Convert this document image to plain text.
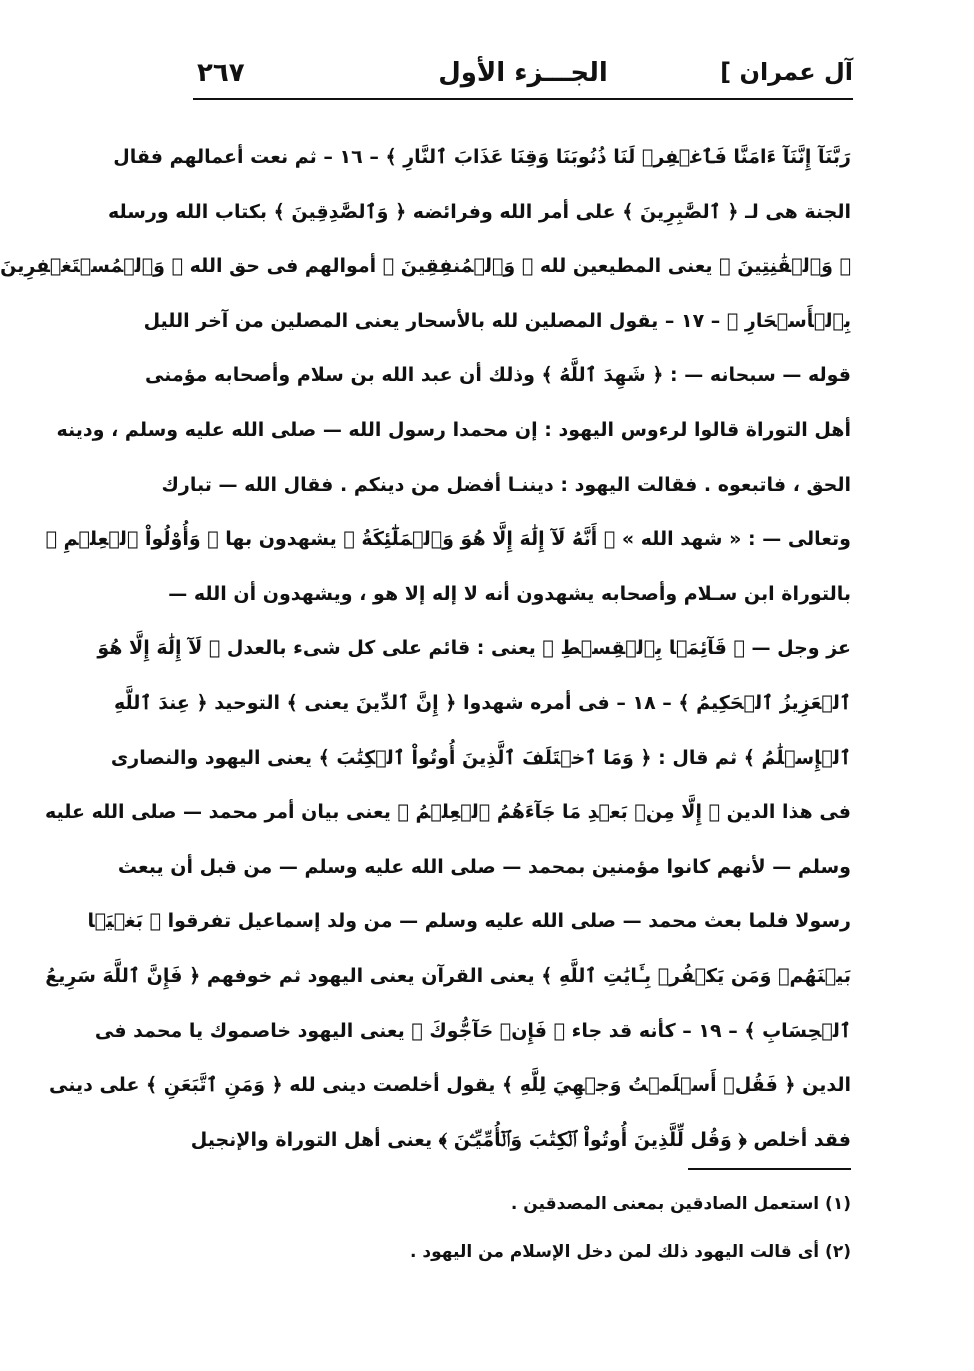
آل عمران ]
الجـــزء الأول
٢٦٧
رَبَّنَآ إِنَّنَآ ءَامَنَّا فَٱغۡفِرۡ لَنَا ذُنُوبَنَا وَقِنَا عَذَابَ ٱلنَّارِ ﴾ – ١٦ – ثم نعت أعمالهم فقال
الجنة هى لـ ﴿ ٱلصَّٰبِرِينَ ﴾ على أمر الله وفرائضه ﴿ وَٱلصَّٰدِقِينَ ﴾ بكتاب الله ورسله
﴿ وَٱلۡقَٰنِتِينَ ﴾ يعنى المطيعين لله ﴿ وَٱلۡمُنفِقِينَ ﴾ أموالهم فى حق الله ﴿ وَٱلۡمُسۡتَغۡفِرِينَ
بِٱلۡأَسۡحَارِ ﴾ – ١٧ – يقول المصلين لله بالأسحار يعنى المصلين من آخر الليل
قوله — سبحانه — : ﴿ شَهِدَ ٱللَّهُ ﴾ وذلك أن عبد الله بن سلام وأصحابه مؤمنى
أهل التوراة قالوا لرءوس اليهود : إن محمدا رسول الله — صلى الله عليه وسلم ، ودينه
الحق ، فاتبعوه . فقالت اليهود : ديننـا أفضل من دينكم . فقال الله — تبارك
وتعالى — : « شهد الله » ﴿ أَنَّهُ لَآ إِلَٰهَ إِلَّا هُوَ وَٱلۡمَلَٰٓئِكَةُ ﴾ يشهدون بها ﴿ وَأُوْلُواْ ٱلۡعِلۡمِ ﴾
بالتوراة ابن سـلام وأصحابه يشهدون أنه لا إله إلا هو ، ويشهدون أن الله —
عز وجل — ﴿ قَآئِمَۢا بِٱلۡقِسۡطِ ﴾ يعنى : قائم على كل شىء بالعدل ﴿ لَآ إِلَٰهَ إِلَّا هُوَ
ٱلۡعَزِيزُ ٱلۡحَكِيمُ ﴾ – ١٨ – فى أمره شهدوا ﴿ إِنَّ ٱلدِّينَ يعنى ﴾ التوحيد ﴿ عِندَ ٱللَّهِ
ٱلۡإِسۡلَٰمُ ﴾ ثم قال : ﴿ وَمَا ٱخۡتَلَفَ ٱلَّذِينَ أُوتُواْ ٱلۡكِتَٰبَ ﴾ يعنى اليهود والنصارى
فى هذا الدين ﴿ إِلَّا مِنۢ بَعۡدِ مَا جَآءَهُمُ ٱلۡعِلۡمُ ﴾ يعنى بيان أمر محمد — صلى الله عليه
وسلم — لأنهم كانوا مؤمنين بمحمد — صلى الله عليه وسلم — من قبل أن يبعث
رسولا فلما بعث محمد — صلى الله عليه وسلم — من ولد إسماعيل تفرقوا ﴿ بَغۡيَۢا
بَيۡنَهُمۡ وَمَن يَكۡفُرۡ بِـَٔايَٰتِ ٱللَّهِ ﴾ يعنى القرآن يعنى اليهود ثم خوفهم ﴿ فَإِنَّ ٱللَّهَ سَرِيعُ
ٱلۡحِسَابِ ﴾ – ١٩ – كأنه قد جاء ﴿ فَإِنۡ حَآجُّوكَ ﴾ يعنى اليهود خاصموك يا محمد فى
الدين ﴿ فَقُلۡ أَسۡلَمۡتُ وَجۡهِيَ لِلَّهِ ﴾ يقول أخلصت دينى لله ﴿ وَمَنِ ٱتَّبَعَنِ ﴾ على دينى
فقد أخلص ﴿ وَقُل لِّلَّذِينَ أُوتُواْ ٱلۡكِتَٰبَ وَٱلۡأُمِّيِّـۧنَ ﴾ يعنى أهل التوراة والإنجيل
(١) استعمل الصادقين بمعنى المصدقين .
(٢) أى قالت اليهود ذلك لمن دخل الإسلام من اليهود .
